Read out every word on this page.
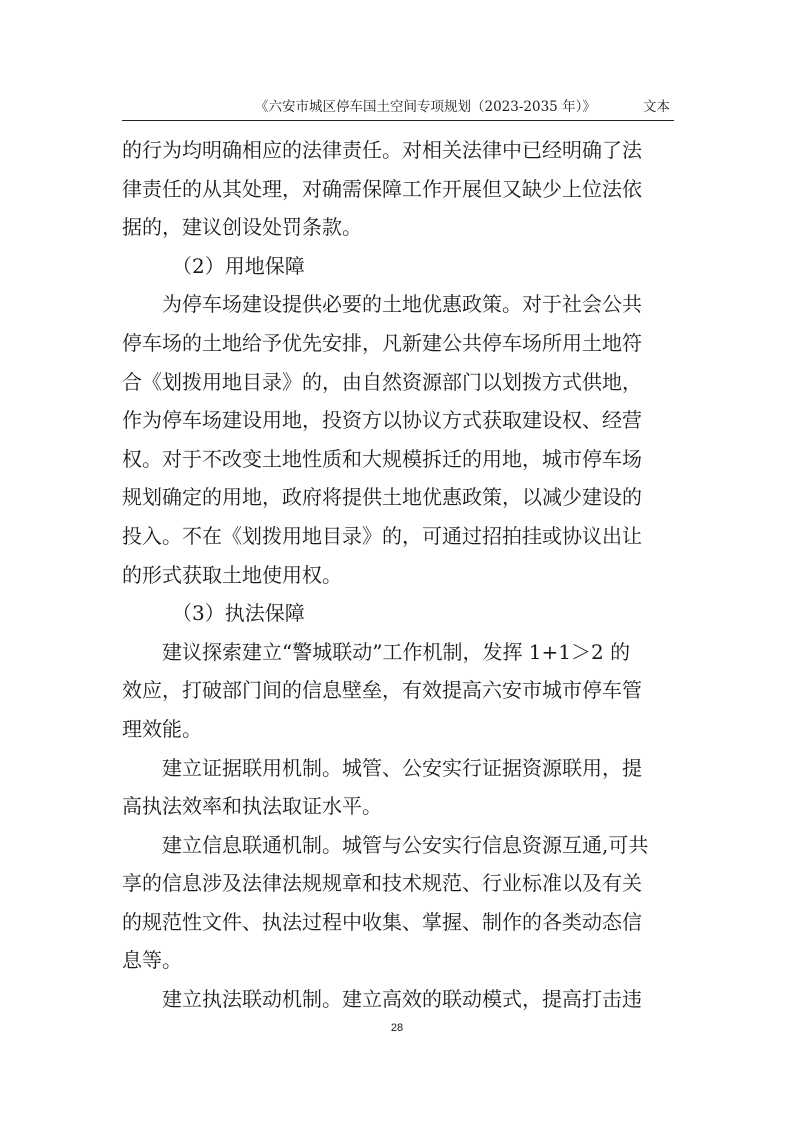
《六安市城区停车国土空间专项规划（2023-2035 年）》	文本
的行为均明确相应的法律责任。对相关法律中已经明确了法
律责任的从其处理，对确需保障工作开展但又缺少上位法依
据的，建议创设处罚条款。
（2）用地保障
为停车场建设提供必要的土地优惠政策。对于社会公共
停车场的土地给予优先安排，凡新建公共停车场所用土地符
合《划拨用地目录》的，由自然资源部门以划拨方式供地，
作为停车场建设用地，投资方以协议方式获取建设权、经营
权。对于不改变土地性质和大规模拆迁的用地，城市停车场
规划确定的用地，政府将提供土地优惠政策，以减少建设的
投入。不在《划拨用地目录》的，可通过招拍挂或协议出让
的形式获取土地使用权。
（3）执法保障
建议探索建立“警城联动”工作机制，发挥 1+1＞2 的
效应，打破部门间的信息壁垒，有效提高六安市城市停车管
理效能。
建立证据联用机制。城管、公安实行证据资源联用，提
高执法效率和执法取证水平。
建立信息联通机制。城管与公安实行信息资源互通,可共
享的信息涉及法律法规规章和技术规范、行业标准以及有关
的规范性文件、执法过程中收集、掌握、制作的各类动态信
息等。
建立执法联动机制。建立高效的联动模式，提高打击违
28
